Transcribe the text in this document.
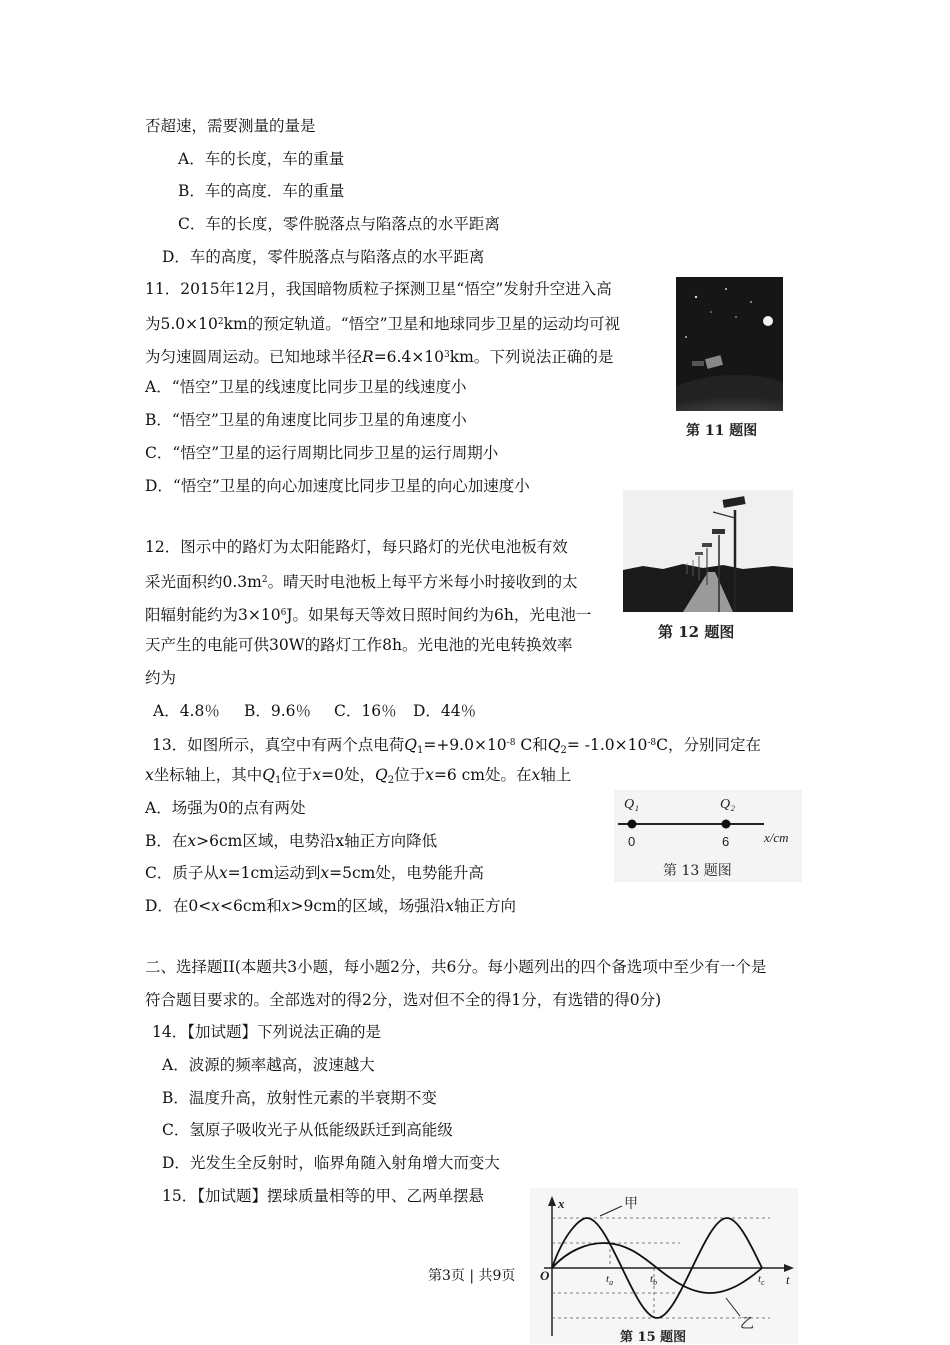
否超速，需要测量的量是
A．车的长度，车的重量
B．车的高度．车的重量
C．车的长度，零件脱落点与陷落点的水平距离
D．车的高度，零件脱落点与陷落点的水平距离
11．2015年12月，我国暗物质粒子探测卫星“悟空”发射升空进入高
为$5.0\times 10^2km$的预定轨道。“悟空”卫星和地球同步卫星的运动均可视
为匀速圆周运动。已知地球半径$R=6.4\times 10^3km$。下列说法正确的是
A．“悟空”卫星的线速度比同步卫星的线速度小
B．“悟空”卫星的角速度比同步卫星的角速度小
C．“悟空”卫星的运行周期比同步卫星的运行周期小
D．“悟空”卫星的向心加速度比同步卫星的向心加速度小
第 11 题图
12．图示中的路灯为太阳能路灯，每只路灯的光伏电池板有效
采光面积约$0.3m^2$。晴天时电池板上每平方米每小时接收到的太
阳辐射能约为$3\times 10^6J$。如果每天等效日照时间约为6h，光电池一
天产生的电能可供30W的路灯工作8h。光电池的光电转换效率
约为
A．4.8％ B．9.6％ C．16％ D．44％
第 12 题图
13．如图所示，真空中有两个点电荷$Q_1=+9.0\times 10^{-8}$ C和$Q_2= -1.0\times 10^{-8}C$，分别同定在
x坐标轴上，其中$Q_1$位于x=0处，$Q_2$位于x=6 cm处。在x轴上
A．场强为0的点有两处
B．在x>6cm区域，电势沿x轴正方向降低
C．质子从x=1cm运动到x=5cm处，电势能升高
D．在0<x<6cm和x>9cm的区域，场强沿x轴正方向
Q₁	Q₂
0	6	x/cm
第 13 题图
二、选择题II(本题共3小题，每小题2分，共6分。每小题列出的四个备选项中至少有一个是
符合题目要求的。全部选对的得2分，选对但不全的得1分，有选错的得0分)
14．【加试题】下列说法正确的是
A．波源的频率越高，波速越大
B．温度升高，放射性元素的半衰期不变
C．氢原子吸收光子从低能级跃迁到高能级
D．光发生全反射时，临界角随入射角增大而变大
15．【加试题】摆球质量相等的甲、乙两单摆悬	x
t
O
甲
乙
$t_a$	$t_b$	$t_c$
第 15 题图
第3页 | 共9页
